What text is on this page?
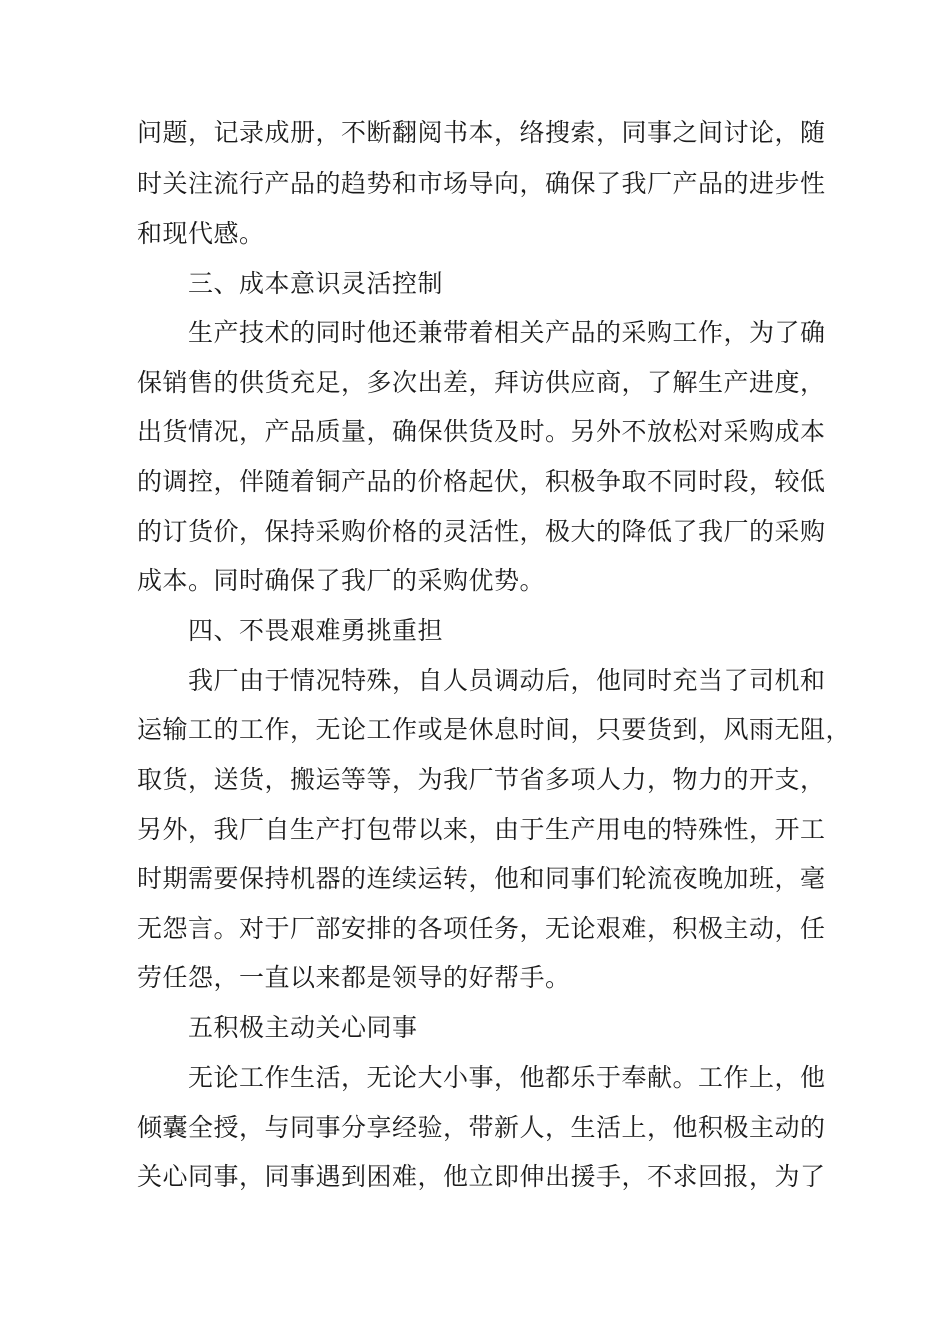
问题，记录成册，不断翻阅书本，络搜索，同事之间讨论，随
时关注流行产品的趋势和市场导向，确保了我厂产品的进步性
和现代感。
三、成本意识灵活控制
生产技术的同时他还兼带着相关产品的采购工作，为了确
保销售的供货充足，多次出差，拜访供应商，了解生产进度，
出货情况，产品质量，确保供货及时。另外不放松对采购成本
的调控，伴随着铜产品的价格起伏，积极争取不同时段，较低
的订货价，保持采购价格的灵活性，极大的降低了我厂的采购
成本。同时确保了我厂的采购优势。
四、不畏艰难勇挑重担
我厂由于情况特殊，自人员调动后，他同时充当了司机和
运输工的工作，无论工作或是休息时间，只要货到，风雨无阻，
取货，送货，搬运等等，为我厂节省多项人力，物力的开支，
另外，我厂自生产打包带以来，由于生产用电的特殊性，开工
时期需要保持机器的连续运转，他和同事们轮流夜晚加班，毫
无怨言。对于厂部安排的各项任务，无论艰难，积极主动，任
劳任怨，一直以来都是领导的好帮手。
五积极主动关心同事
无论工作生活，无论大小事，他都乐于奉献。工作上，他
倾囊全授，与同事分享经验，带新人，生活上，他积极主动的
关心同事，同事遇到困难，他立即伸出援手，不求回报，为了
